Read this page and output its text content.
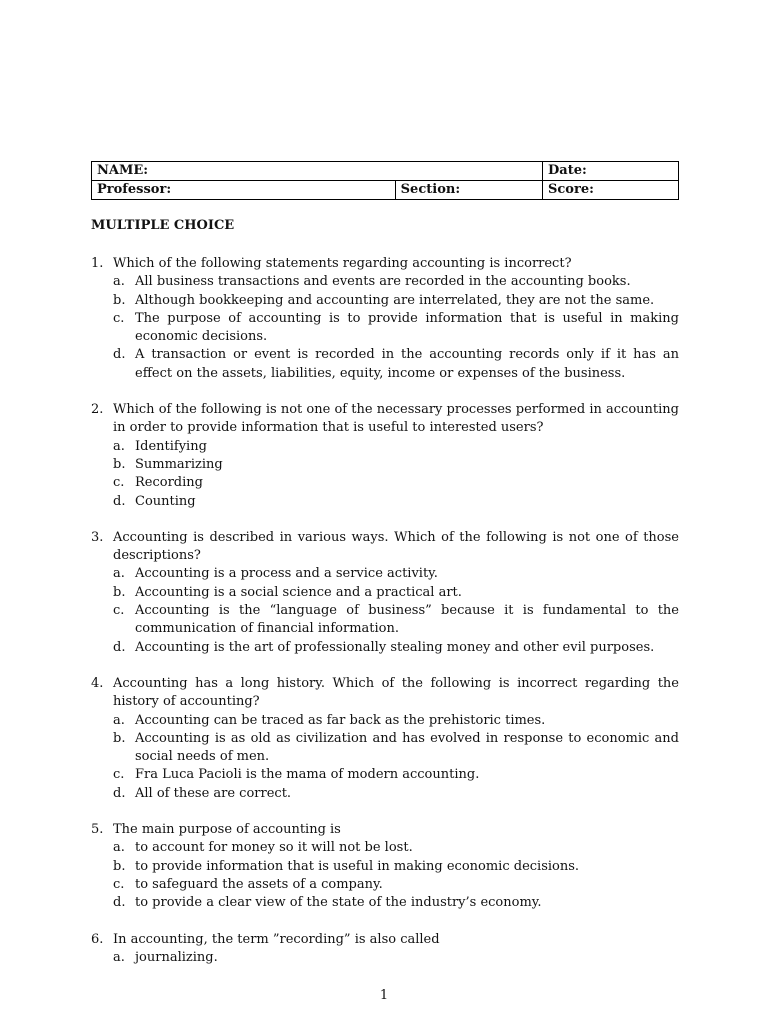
NAME:		Date:
Professor:	Section:	Score:
MULTIPLE CHOICE
1. Which of the following statements regarding accounting is incorrect?
a. All business transactions and events are recorded in the accounting books.
b. Although bookkeeping and accounting are interrelated, they are not the same.
c. The purpose of accounting is to provide information that is useful in making economic decisions.
d. A transaction or event is recorded in the accounting records only if it has an effect on the assets, liabilities, equity, income or expenses of the business.
2. Which of the following is not one of the necessary processes performed in accounting in order to provide information that is useful to interested users?
a. Identifying
b. Summarizing
c. Recording
d. Counting
3. Accounting is described in various ways. Which of the following is not one of those descriptions?
a. Accounting is a process and a service activity.
b. Accounting is a social science and a practical art.
c. Accounting is the “language of business” because it is fundamental to the communication of financial information.
d. Accounting is the art of professionally stealing money and other evil purposes.
4. Accounting has a long history. Which of the following is incorrect regarding the history of accounting?
a. Accounting can be traced as far back as the prehistoric times.
b. Accounting is as old as civilization and has evolved in response to economic and social needs of men.
c. Fra Luca Pacioli is the mama of modern accounting.
d. All of these are correct.
5. The main purpose of accounting is
a. to account for money so it will not be lost.
b. to provide information that is useful in making economic decisions.
c. to safeguard the assets of a company.
d. to provide a clear view of the state of the industry’s economy.
6. In accounting, the term ”recording” is also called
a. journalizing.
1
